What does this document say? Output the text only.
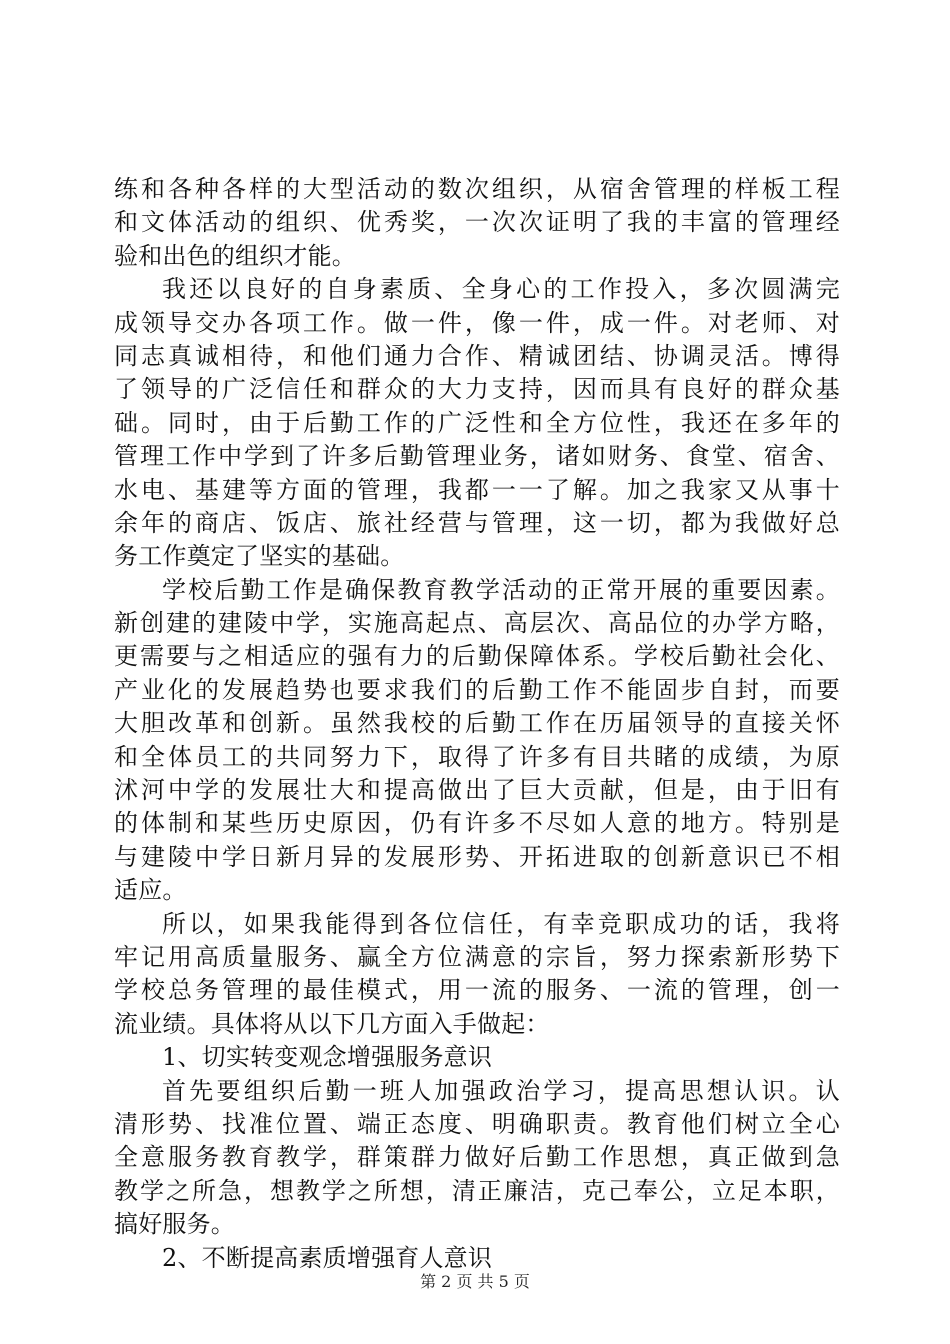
练和各种各样的大型活动的数次组织，从宿舍管理的样板工程
和文体活动的组织、优秀奖，一次次证明了我的丰富的管理经
验和出色的组织才能。
我还以良好的自身素质、全身心的工作投入，多次圆满完
成领导交办各项工作。做一件，像一件，成一件。对老师、对
同志真诚相待，和他们通力合作、精诚团结、协调灵活。博得
了领导的广泛信任和群众的大力支持，因而具有良好的群众基
础。同时，由于后勤工作的广泛性和全方位性，我还在多年的
管理工作中学到了许多后勤管理业务，诸如财务、食堂、宿舍、
水电、基建等方面的管理，我都一一了解。加之我家又从事十
余年的商店、饭店、旅社经营与管理，这一切，都为我做好总
务工作奠定了坚实的基础。
学校后勤工作是确保教育教学活动的正常开展的重要因素。
新创建的建陵中学，实施高起点、高层次、高品位的办学方略，
更需要与之相适应的强有力的后勤保障体系。学校后勤社会化、
产业化的发展趋势也要求我们的后勤工作不能固步自封，而要
大胆改革和创新。虽然我校的后勤工作在历届领导的直接关怀
和全体员工的共同努力下，取得了许多有目共睹的成绩，为原
沭河中学的发展壮大和提高做出了巨大贡献，但是，由于旧有
的体制和某些历史原因，仍有许多不尽如人意的地方。特别是
与建陵中学日新月异的发展形势、开拓进取的创新意识已不相
适应。
所以，如果我能得到各位信任，有幸竞职成功的话，我将
牢记用高质量服务、赢全方位满意的宗旨，努力探索新形势下
学校总务管理的最佳模式，用一流的服务、一流的管理，创一
流业绩。具体将从以下几方面入手做起：
1、切实转变观念增强服务意识
首先要组织后勤一班人加强政治学习，提高思想认识。认
清形势、找准位置、端正态度、明确职责。教育他们树立全心
全意服务教育教学，群策群力做好后勤工作思想，真正做到急
教学之所急，想教学之所想，清正廉洁，克己奉公，立足本职，
搞好服务。
2、不断提高素质增强育人意识
第 2 页 共 5 页
